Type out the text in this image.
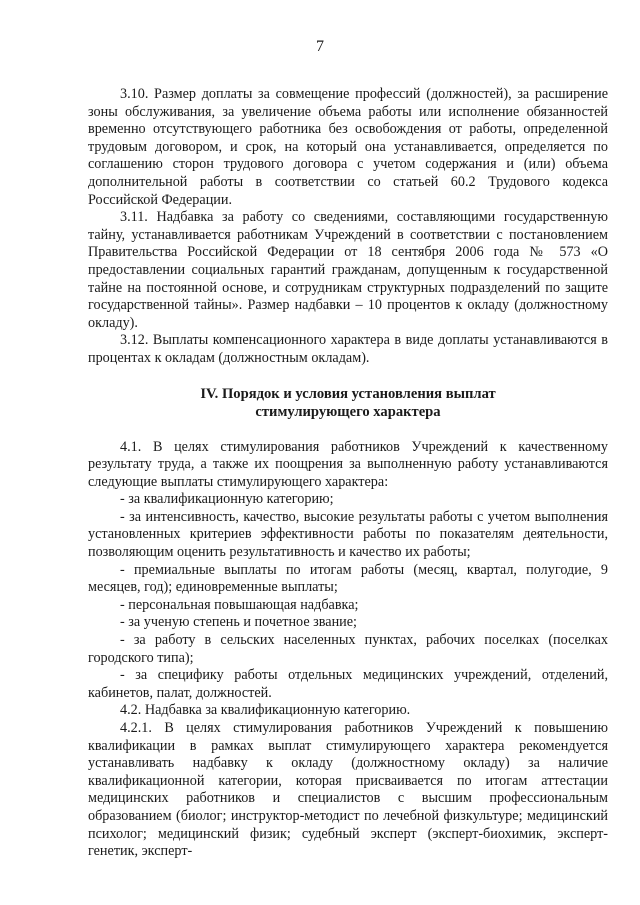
7

3.10. Размер доплаты за совмещение профессий (должностей), за расширение зоны обслуживания, за увеличение объема работы или исполнение обязанностей временно отсутствующего работника без освобождения от работы, определенной трудовым договором, и срок, на который она устанавливается, определяется по соглашению сторон трудового договора с учетом содержания и (или) объема дополнительной работы в соответствии со статьей 60.2 Трудового кодекса Российской Федерации.

3.11. Надбавка за работу со сведениями, составляющими государственную тайну, устанавливается работникам Учреждений в соответствии с постановлением Правительства Российской Федерации от 18 сентября 2006 года № 573 «О предоставлении социальных гарантий гражданам, допущенным к государственной тайне на постоянной основе, и сотрудникам структурных подразделений по защите государственной тайны». Размер надбавки – 10 процентов к окладу (должностному окладу).

3.12. Выплаты компенсационного характера в виде доплаты устанавливаются в процентах к окладам (должностным окладам).

IV. Порядок и условия установления выплат
стимулирующего характера

4.1. В целях стимулирования работников Учреждений к качественному результату труда, а также их поощрения за выполненную работу устанавливаются следующие выплаты стимулирующего характера:

- за квалификационную категорию;

- за интенсивность, качество, высокие результаты работы с учетом выполнения установленных критериев эффективности работы по показателям деятельности, позволяющим оценить результативность и качество их работы;

- премиальные выплаты по итогам работы (месяц, квартал, полугодие, 9 месяцев, год); единовременные выплаты;

- персональная повышающая надбавка;

- за ученую степень и почетное звание;

- за работу в сельских населенных пунктах, рабочих поселках (поселках городского типа);

- за специфику работы отдельных медицинских учреждений, отделений, кабинетов, палат, должностей.

4.2. Надбавка за квалификационную категорию.

4.2.1. В целях стимулирования работников Учреждений к повышению квалификации в рамках выплат стимулирующего характера рекомендуется устанавливать надбавку к окладу (должностному окладу) за наличие квалификационной категории, которая присваивается по итогам аттестации медицинских работников и специалистов с высшим профессиональным образованием (биолог; инструктор-методист по лечебной физкультуре; медицинский психолог; медицинский физик; судебный эксперт (эксперт-биохимик, эксперт-генетик, эксперт-
